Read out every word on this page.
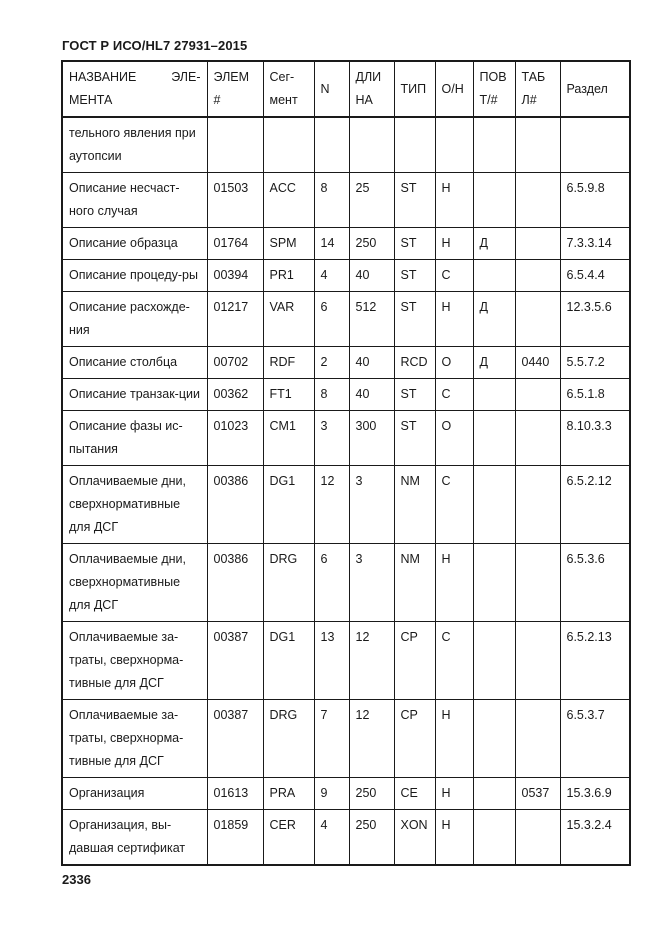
ГОСТ Р ИСО/HL7 27931–2015
НАЗВАНИЕ ЭЛЕ-МЕНТА	ЭЛЕМ #	Сег-мент	N	ДЛИ НА	ТИП	О/Н	ПОВ Т/#	ТАБ Л#	Раздел
тельного явления при аутопсии									
Описание несчаст-ного случая	01503	ACC	8	25	ST	Н			6.5.9.8
Описание образца	01764	SPM	14	250	ST	Н	Д		7.3.3.14
Описание процеду-ры	00394	PR1	4	40	ST	С			6.5.4.4
Описание расхожде-ния	01217	VAR	6	512	ST	Н	Д		12.3.5.6
Описание столбца	00702	RDF	2	40	RCD	О	Д	0440	5.5.7.2
Описание транзак-ции	00362	FT1	8	40	ST	С			6.5.1.8
Описание фазы ис-пытания	01023	CM1	3	300	ST	О			8.10.3.3
Оплачиваемые дни, сверхнормативные для ДСГ	00386	DG1	12	3	NM	С			6.5.2.12
Оплачиваемые дни, сверхнормативные для ДСГ	00386	DRG	6	3	NM	Н			6.5.3.6
Оплачиваемые за-траты, сверхнорма-тивные для ДСГ	00387	DG1	13	12	CP	С			6.5.2.13
Оплачиваемые за-траты, сверхнорма-тивные для ДСГ	00387	DRG	7	12	CP	Н			6.5.3.7
Организация	01613	PRA	9	250	CE	Н		0537	15.3.6.9
Организация, вы-давшая сертификат	01859	CER	4	250	XON	Н			15.3.2.4
2336
